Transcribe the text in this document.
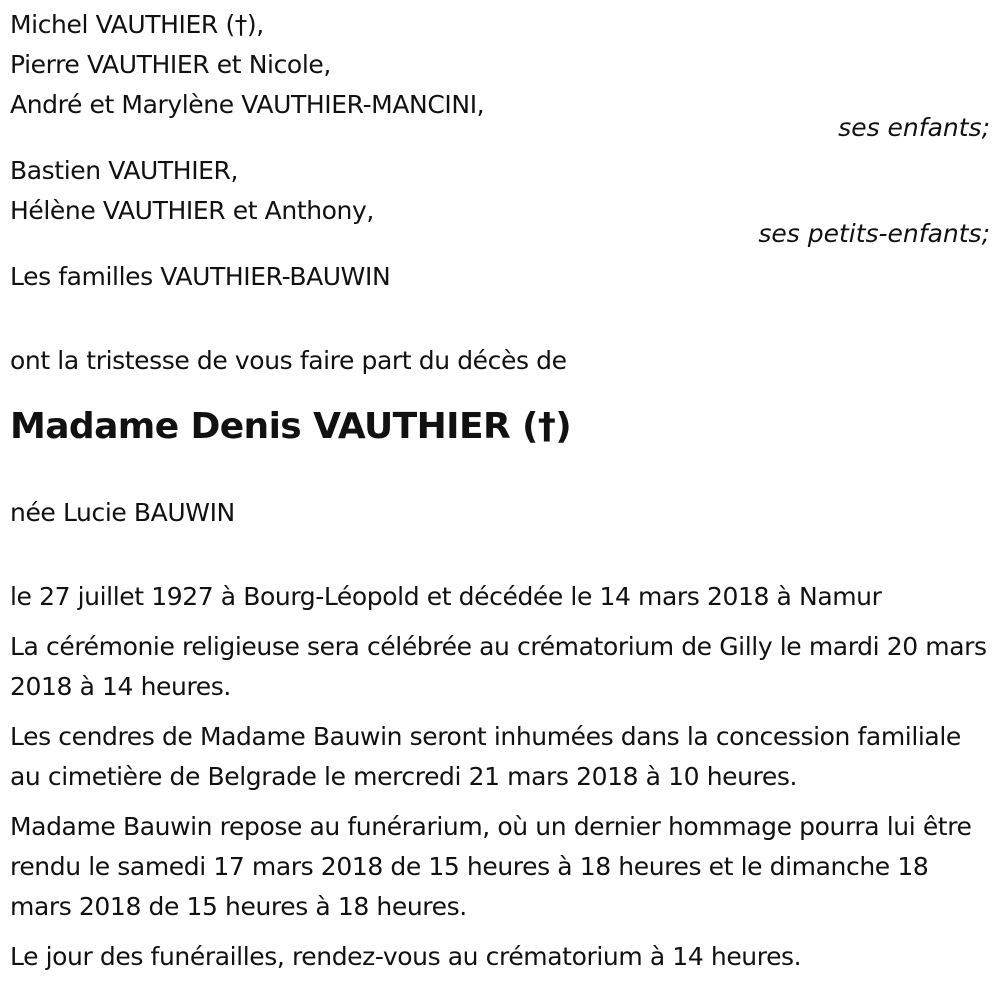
Michel VAUTHIER (†),
Pierre VAUTHIER et Nicole,
André et Marylène VAUTHIER-MANCINI,
ses enfants;
Bastien VAUTHIER,
Hélène VAUTHIER et Anthony,
ses petits-enfants;
Les familles VAUTHIER-BAUWIN
ont la tristesse de vous faire part du décès de
Madame Denis VAUTHIER (†)
née Lucie BAUWIN

le 27 juillet 1927 à Bourg-Léopold et décédée le 14 mars 2018 à Namur

La cérémonie religieuse sera célébrée au crématorium de Gilly le mardi 20 mars 2018 à 14 heures.

Les cendres de Madame Bauwin seront inhumées dans la concession familiale au cimetière de Belgrade le mercredi 21 mars 2018 à 10 heures.

Madame Bauwin repose au funérarium, où un dernier hommage pourra lui être rendu le samedi 17 mars 2018 de 15 heures à 18 heures et le dimanche 18 mars 2018 de 15 heures à 18 heures.

Le jour des funérailles, rendez-vous au crématorium à 14 heures.
